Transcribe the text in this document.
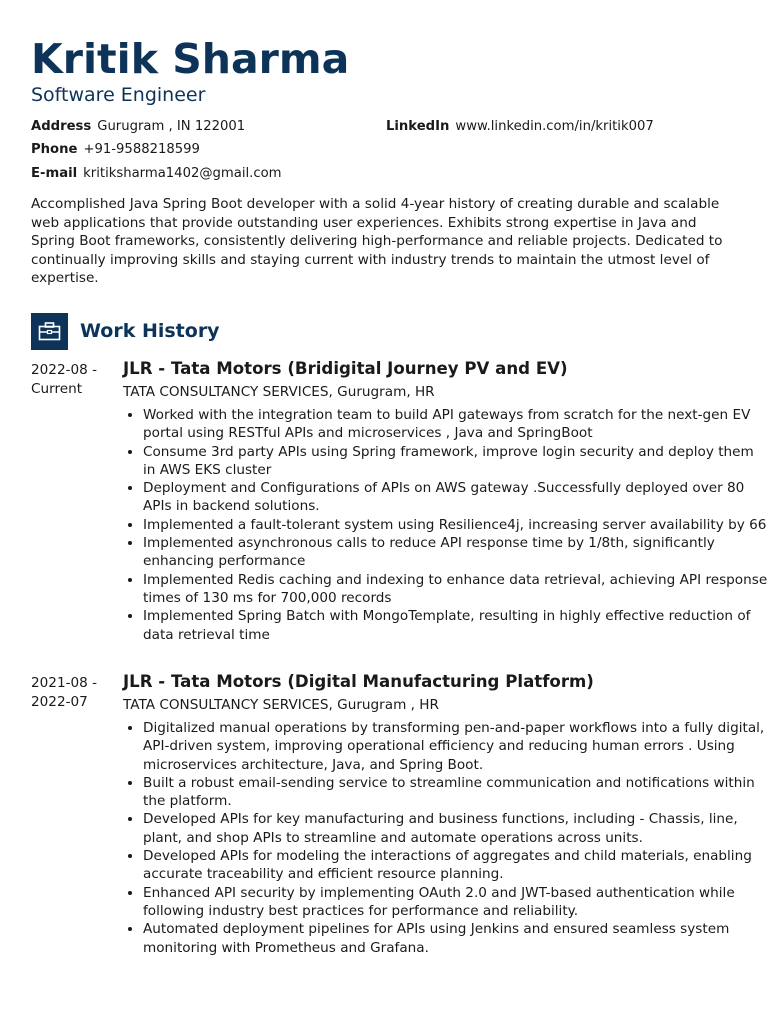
Kritik Sharma
Software Engineer
Address Gurugram , IN 122001	LinkedIn www.linkedin.com/in/kritik007
Phone +91-9588218599
E-mail kritiksharma1402@gmail.com
Accomplished Java Spring Boot developer with a solid 4-year history of creating durable and scalable web applications that provide outstanding user experiences. Exhibits strong expertise in Java and Spring Boot frameworks, consistently delivering high-performance and reliable projects. Dedicated to continually improving skills and staying current with industry trends to maintain the utmost level of expertise.
Work History
2022-08 -
Current
JLR - Tata Motors (Bridigital Journey PV and EV)
TATA CONSULTANCY SERVICES, Gurugram, HR
• Worked with the integration team to build API gateways from scratch for the next-gen EV portal using RESTful APIs and microservices , Java and SpringBoot
• Consume 3rd party APIs using Spring framework, improve login security and deploy them in AWS EKS cluster
• Deployment and Configurations of APIs on AWS gateway .Successfully deployed over 80 APIs in backend solutions.
• Implemented a fault-tolerant system using Resilience4j, increasing server availability by 66
• Implemented asynchronous calls to reduce API response time by 1/8th, significantly enhancing performance
• Implemented Redis caching and indexing to enhance data retrieval, achieving API response times of 130 ms for 700,000 records
• Implemented Spring Batch with MongoTemplate, resulting in highly effective reduction of data retrieval time
2021-08 -
2022-07
JLR - Tata Motors (Digital Manufacturing Platform)
TATA CONSULTANCY SERVICES, Gurugram , HR
• Digitalized manual operations by transforming pen-and-paper workflows into a fully digital, API-driven system, improving operational efficiency and reducing human errors . Using microservices architecture, Java, and Spring Boot.
• Built a robust email-sending service to streamline communication and notifications within the platform.
• Developed APIs for key manufacturing and business functions, including - Chassis, line, plant, and shop APIs to streamline and automate operations across units.
• Developed APIs for modeling the interactions of aggregates and child materials, enabling accurate traceability and efficient resource planning.
• Enhanced API security by implementing OAuth 2.0 and JWT-based authentication while following industry best practices for performance and reliability.
• Automated deployment pipelines for APIs using Jenkins and ensured seamless system monitoring with Prometheus and Grafana.
